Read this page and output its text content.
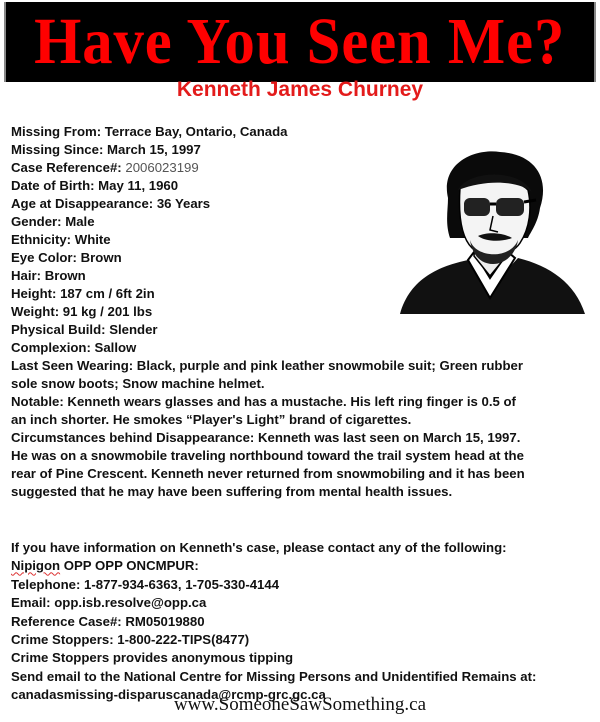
Have You Seen Me?
Kenneth James Churney
Missing From: Terrace Bay, Ontario, Canada
Missing Since: March 15, 1997
Case Reference#: 2006023199
Date of Birth: May 11, 1960
Age at Disappearance: 36 Years
Gender: Male
Ethnicity: White
Eye Color: Brown
Hair: Brown
Height: 187 cm / 6ft 2in
Weight: 91 kg / 201 lbs
Physical Build: Slender
Complexion: Sallow
Last Seen Wearing: Black, purple and pink leather snowmobile suit; Green rubber
sole snow boots; Snow machine helmet.
Notable: Kenneth wears glasses and has a mustache. His left ring finger is 0.5 of
an inch shorter. He smokes “Player's Light” brand of cigarettes.
Circumstances behind Disappearance: Kenneth was last seen on March 15, 1997.
He was on a snowmobile traveling northbound toward the trail system head at the
rear of Pine Crescent. Kenneth never returned from snowmobiling and it has been
suggested that he may have been suffering from mental health issues.
If you have information on Kenneth's case, please contact any of the following:
Nipigon OPP OPP ONCMPUR:
Telephone: 1-877-934-6363, 1-705-330-4144
Email: opp.isb.resolve@opp.ca
Reference Case#: RM05019880
Crime Stoppers: 1-800-222-TIPS(8477)
Crime Stoppers provides anonymous tipping
Send email to the National Centre for Missing Persons and Unidentified Remains at:
canadasmissing-disparuscanada@rcmp-grc.gc.ca
www.SomeoneSawSomething.ca
